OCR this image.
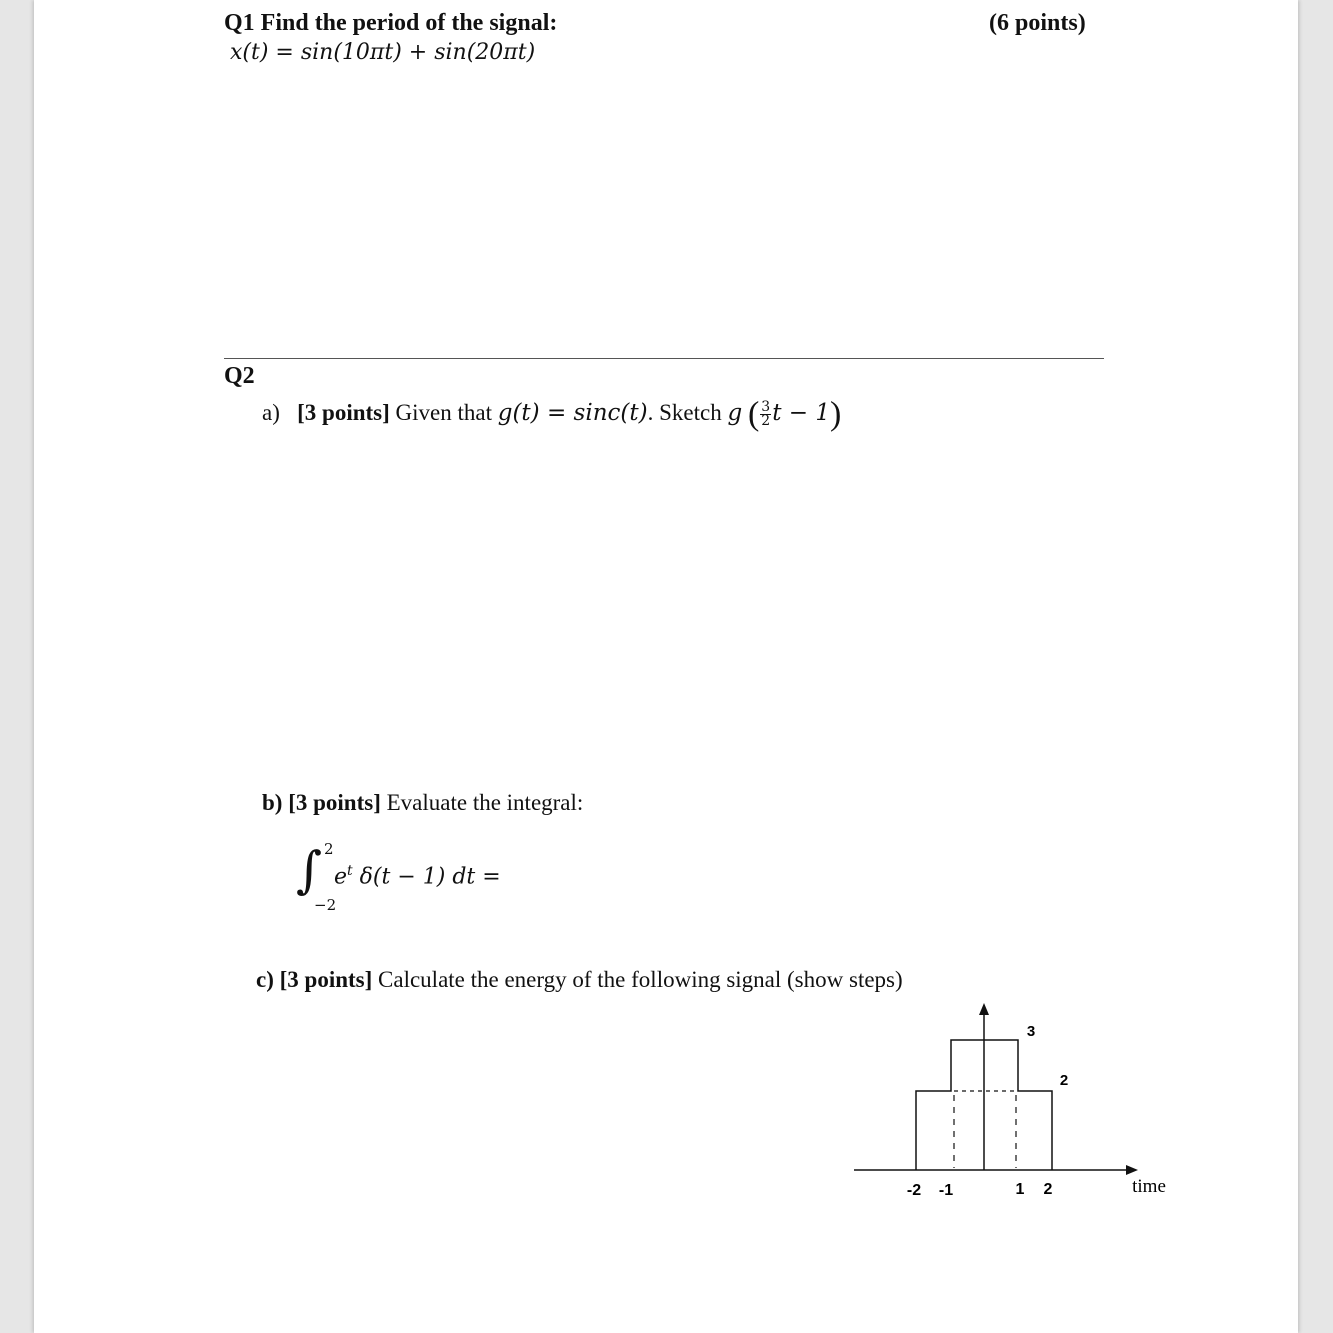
Q1 Find the period of the signal:	(6 points)
x(t) = sin(10πt) + sin(20πt)
Q2
a) [3 points] Given that g(t) = sinc(t). Sketch g ( $\frac{3}{2}$ t − 1)
b) [3 points] Evaluate the integral:
∫ 2
−2
$e^t$ δ(t − 1) dt =
c) [3 points] Calculate the energy of the following signal (show steps)
3
2
-2 -1	1 2	time
